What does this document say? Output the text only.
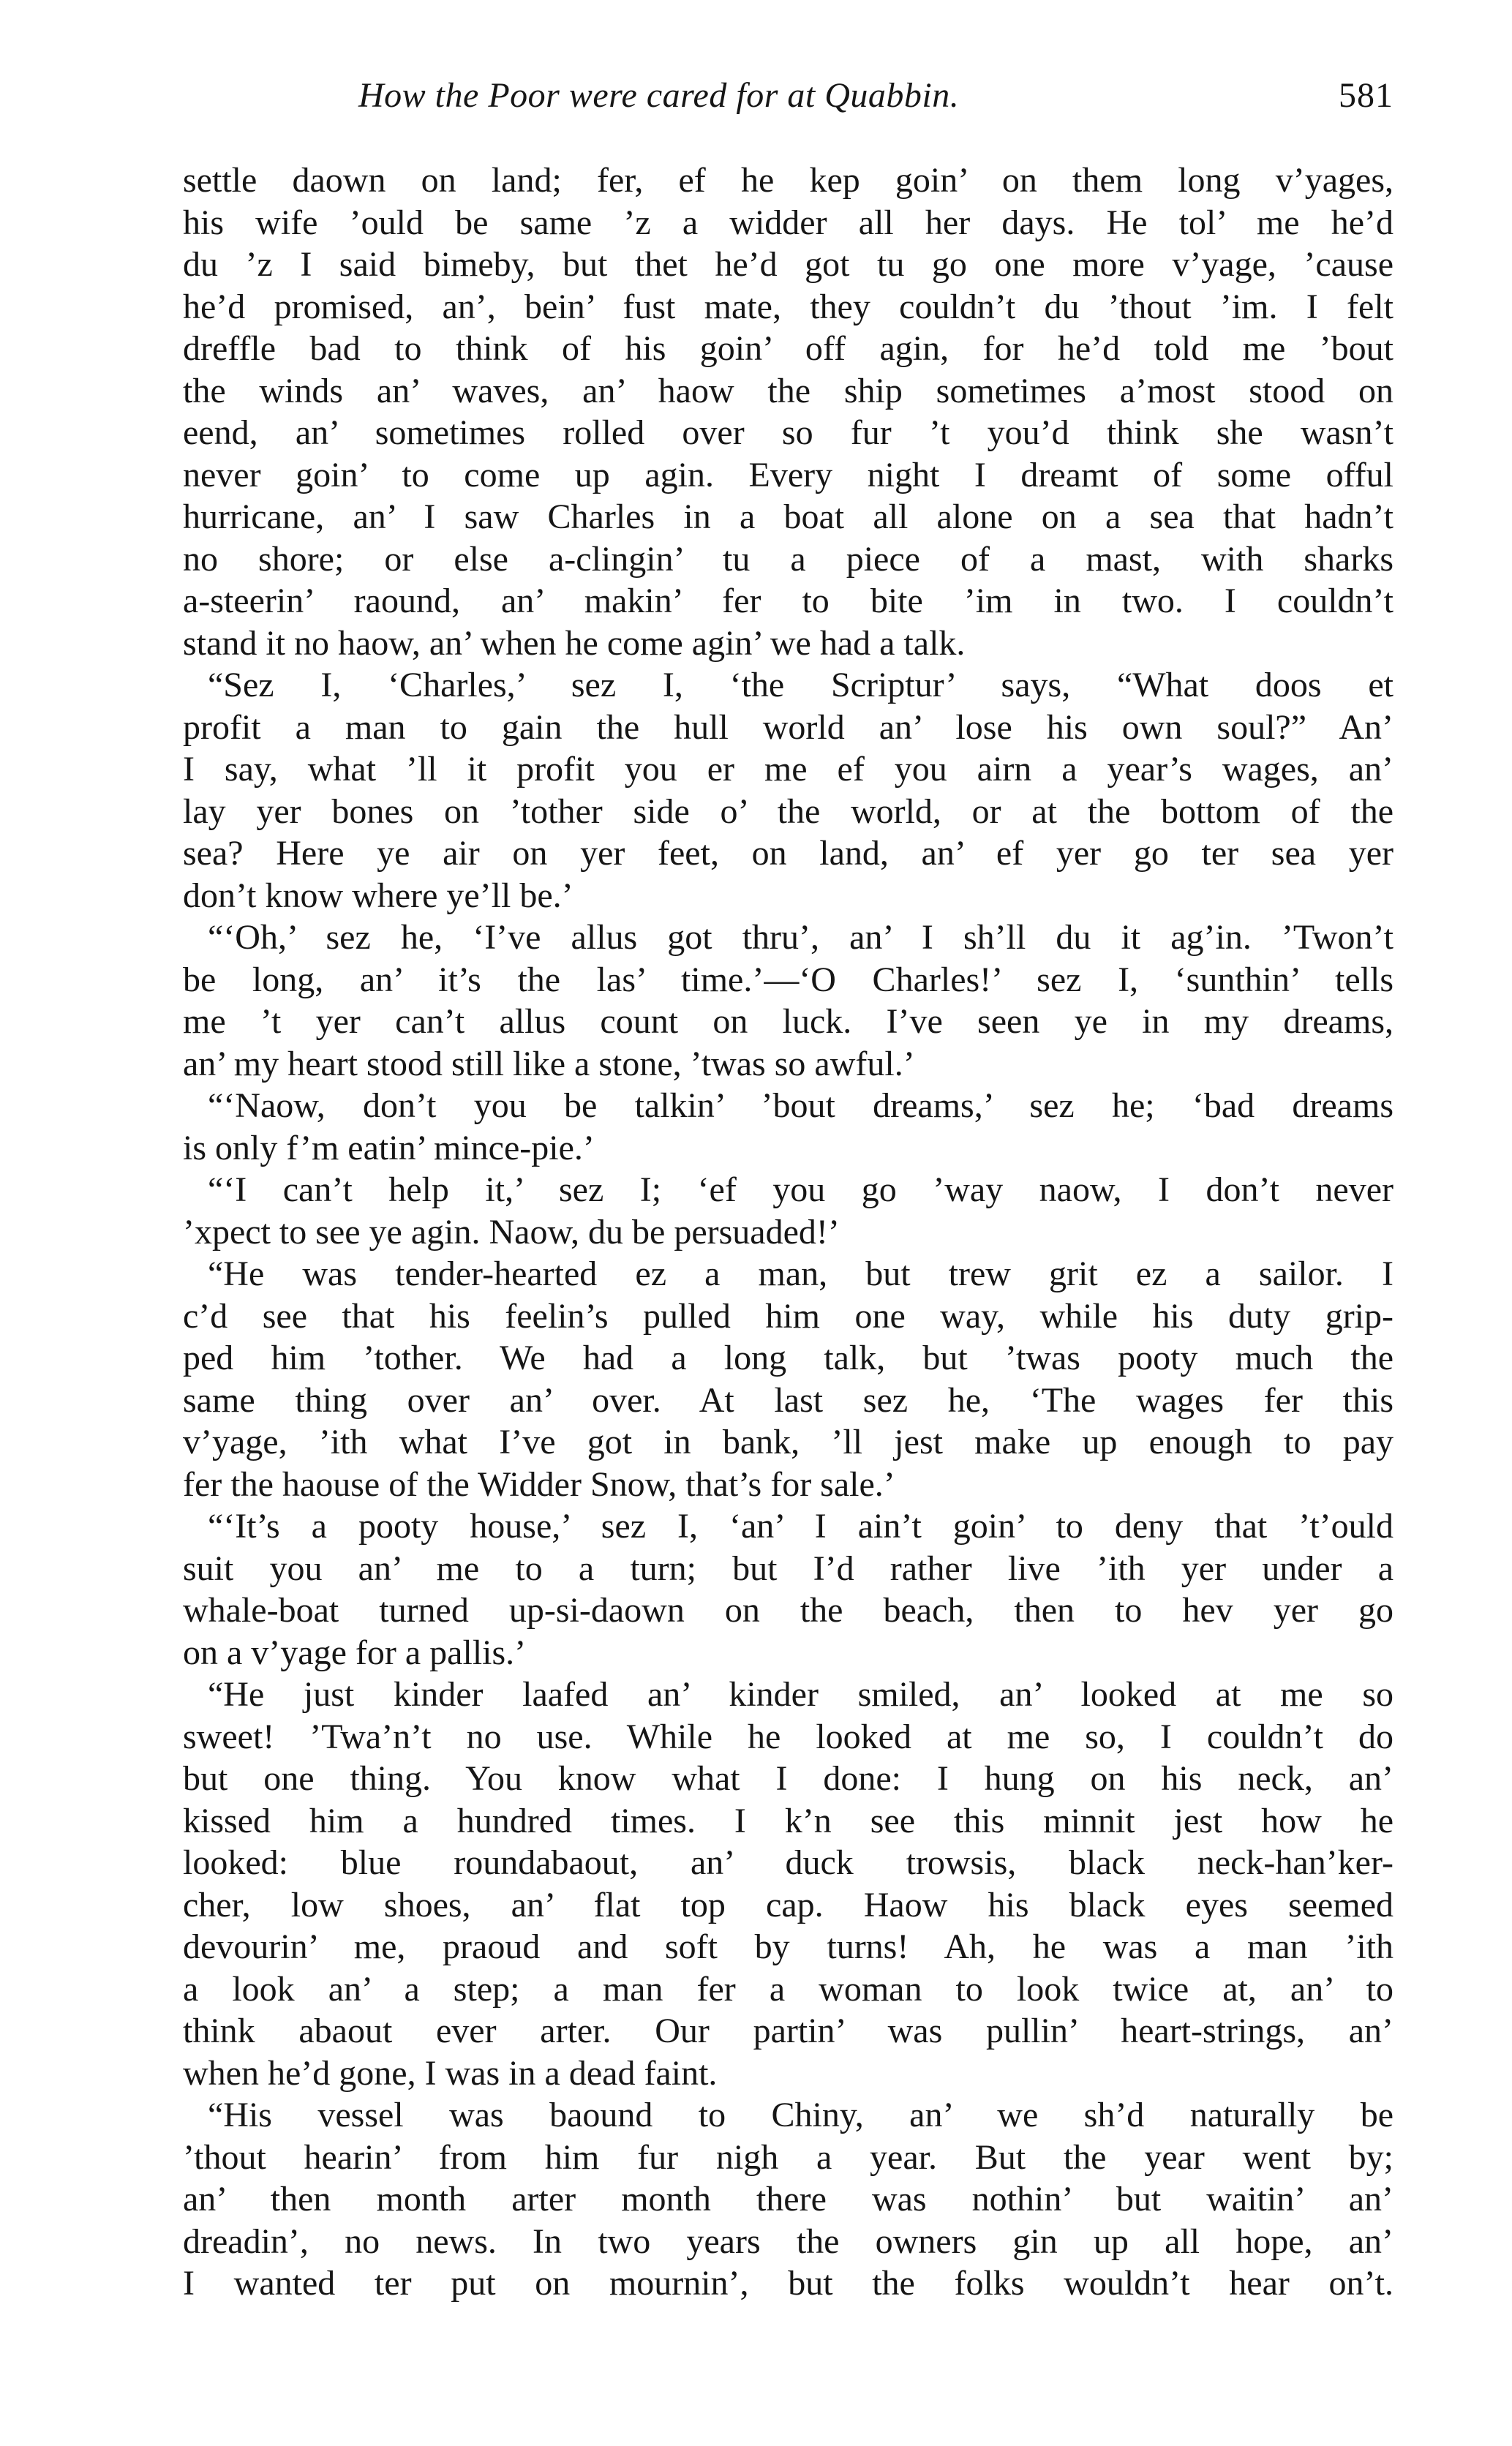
How the Poor were cared for at Quabbin.	581
settle daown on land; fer, ef he kep goin’ on them long v’yages,
his wife ’ould be same ’z a widder all her days. He tol’ me he’d
du ’z I said bimeby, but thet he’d got tu go one more v’yage, ’cause
he’d promised, an’, bein’ fust mate, they couldn’t du ’thout ’im. I felt
dreffle bad to think of his goin’ off agin, for he’d told me ’bout
the winds an’ waves, an’ haow the ship sometimes a’most stood on
eend, an’ sometimes rolled over so fur ’t you’d think she wasn’t
never goin’ to come up agin. Every night I dreamt of some offul
hurricane, an’ I saw Charles in a boat all alone on a sea that hadn’t
no shore; or else a-clingin’ tu a piece of a mast, with sharks
a-steerin’ raound, an’ makin’ fer to bite ’im in two. I couldn’t
stand it no haow, an’ when he come agin’ we had a talk.
“Sez I, ‘Charles,’ sez I, ‘the Scriptur’ says, “What doos et
profit a man to gain the hull world an’ lose his own soul?” An’
I say, what ’ll it profit you er me ef you airn a year’s wages, an’
lay yer bones on ’tother side o’ the world, or at the bottom of the
sea? Here ye air on yer feet, on land, an’ ef yer go ter sea yer
don’t know where ye’ll be.’
“‘Oh,’ sez he, ‘I’ve allus got thru’, an’ I sh’ll du it ag’in. ’Twon’t
be long, an’ it’s the las’ time.’—‘O Charles!’ sez I, ‘sunthin’ tells
me ’t yer can’t allus count on luck. I’ve seen ye in my dreams,
an’ my heart stood still like a stone, ’twas so awful.’
“‘Naow, don’t you be talkin’ ’bout dreams,’ sez he; ‘bad dreams
is only f’m eatin’ mince-pie.’
“‘I can’t help it,’ sez I; ‘ef you go ’way naow, I don’t never
’xpect to see ye agin. Naow, du be persuaded!’
“He was tender-hearted ez a man, but trew grit ez a sailor. I
c’d see that his feelin’s pulled him one way, while his duty grip-
ped him ’tother. We had a long talk, but ’twas pooty much the
same thing over an’ over. At last sez he, ‘The wages fer this
v’yage, ’ith what I’ve got in bank, ’ll jest make up enough to pay
fer the haouse of the Widder Snow, that’s for sale.’
“‘It’s a pooty house,’ sez I, ‘an’ I ain’t goin’ to deny that ’t’ould
suit you an’ me to a turn; but I’d rather live ’ith yer under a
whale-boat turned up-si-daown on the beach, then to hev yer go
on a v’yage for a pallis.’
“He just kinder laafed an’ kinder smiled, an’ looked at me so
sweet! ’Twa’n’t no use. While he looked at me so, I couldn’t do
but one thing. You know what I done: I hung on his neck, an’
kissed him a hundred times. I k’n see this minnit jest how he
looked: blue roundabaout, an’ duck trowsis, black neck-han’ker-
cher, low shoes, an’ flat top cap. Haow his black eyes seemed
devourin’ me, praoud and soft by turns! Ah, he was a man ’ith
a look an’ a step; a man fer a woman to look twice at, an’ to
think abaout ever arter. Our partin’ was pullin’ heart-strings, an’
when he’d gone, I was in a dead faint.
“His vessel was baound to Chiny, an’ we sh’d naturally be
’thout hearin’ from him fur nigh a year. But the year went by;
an’ then month arter month there was nothin’ but waitin’ an’
dreadin’, no news. In two years the owners gin up all hope, an’
I wanted ter put on mournin’, but the folks wouldn’t hear on’t.
